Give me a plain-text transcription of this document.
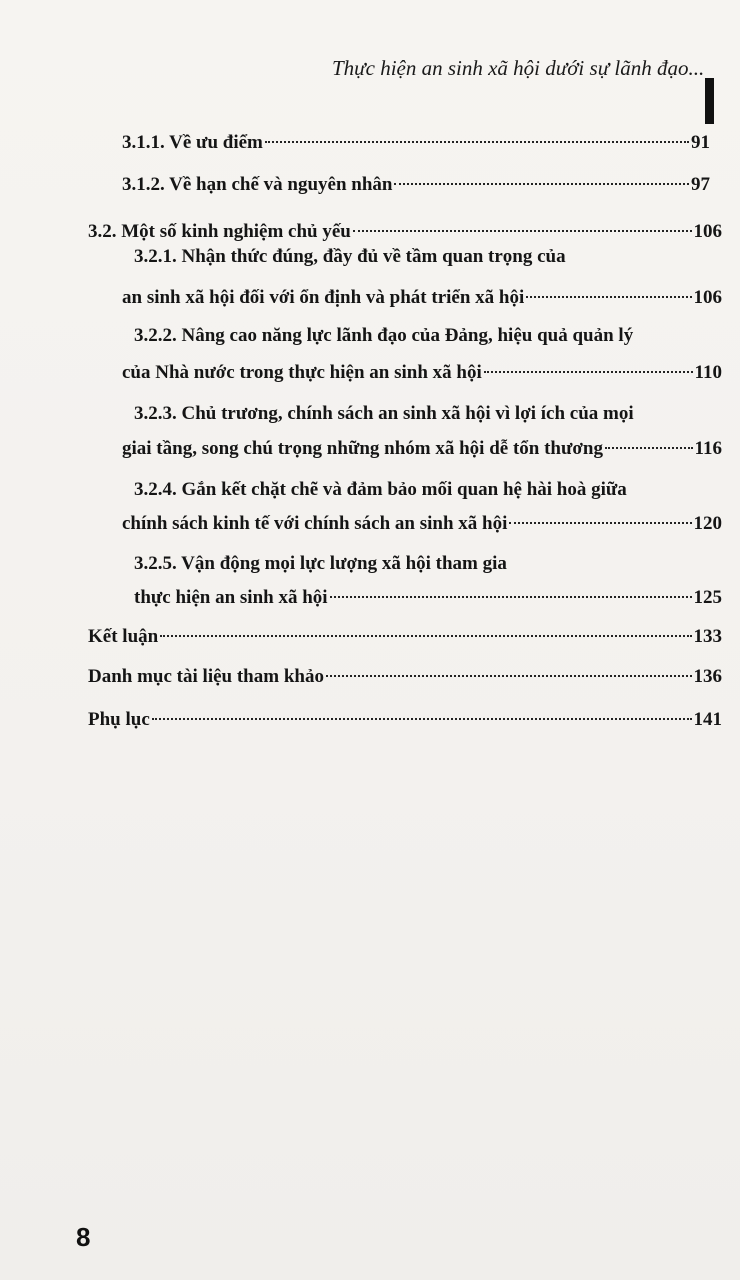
Thực hiện an sinh xã hội dưới sự lãnh đạo...
3.1.1. Về ưu điểm	91
3.1.2. Về hạn chế và nguyên nhân	97
3.2. Một số kinh nghiệm chủ yếu	106
3.2.1. Nhận thức đúng, đầy đủ về tầm quan trọng của
an sinh xã hội đối với ổn định và phát triển xã hội	106
3.2.2. Nâng cao năng lực lãnh đạo của Đảng, hiệu quả quản lý
của Nhà nước trong thực hiện an sinh xã hội	110
3.2.3. Chủ trương, chính sách an sinh xã hội vì lợi ích của mọi
giai tầng, song chú trọng những nhóm xã hội dễ tổn thương	116
3.2.4. Gắn kết chặt chẽ và đảm bảo mối quan hệ hài hoà giữa
chính sách kinh tế với chính sách an sinh xã hội	120
3.2.5. Vận động mọi lực lượng xã hội tham gia
thực hiện an sinh xã hội	125
Kết luận	133
Danh mục tài liệu tham khảo	136
Phụ lục	141
8
